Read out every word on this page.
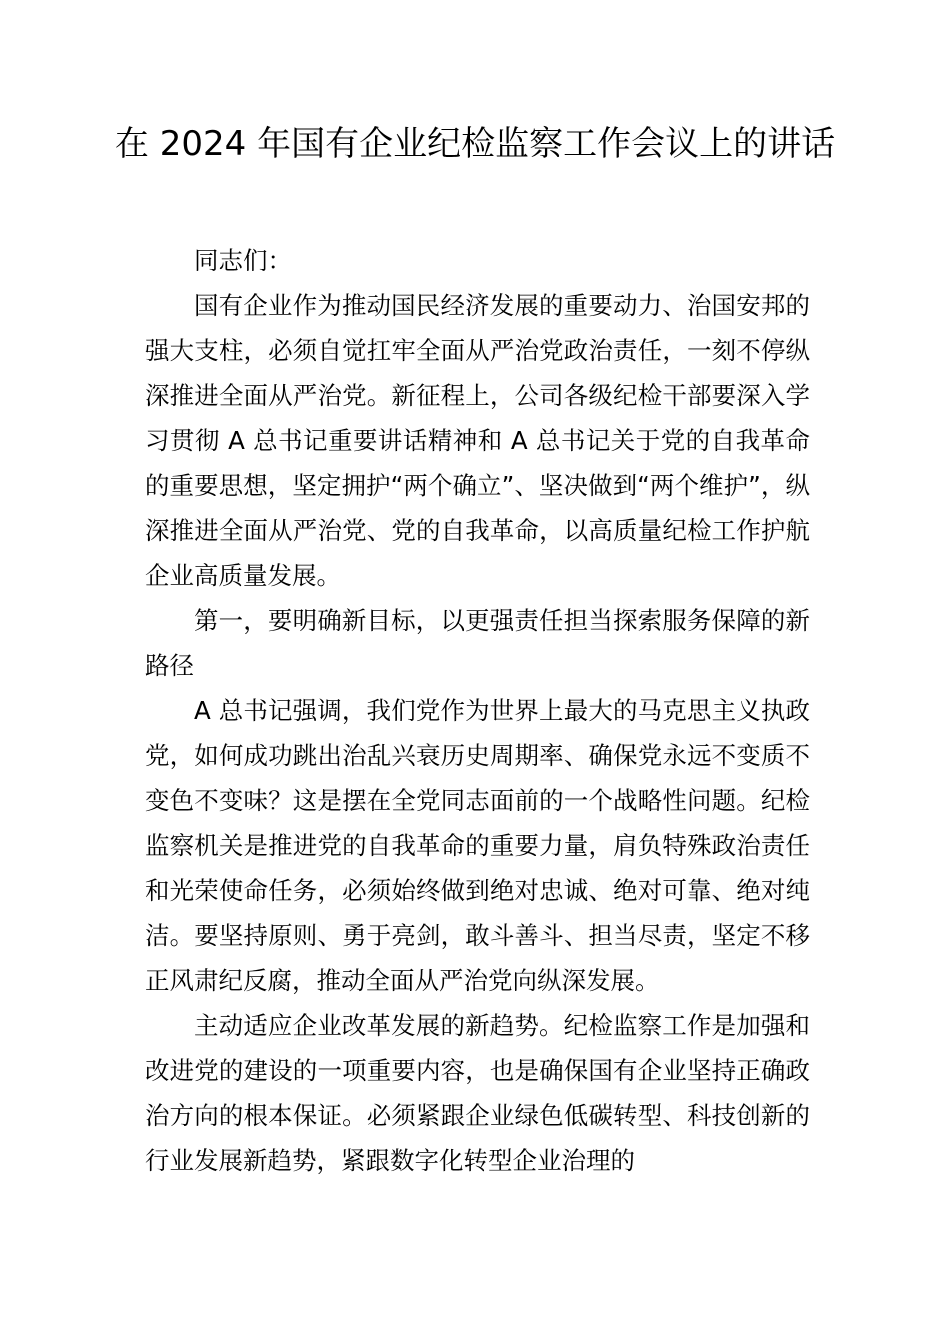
在 2024 年国有企业纪检监察工作会议上的讲话

同志们：

国有企业作为推动国民经济发展的重要动力、治国安邦的强大支柱，必须自觉扛牢全面从严治党政治责任，一刻不停纵深推进全面从严治党。新征程上，公司各级纪检干部要深入学习贯彻 A 总书记重要讲话精神和 A 总书记关于党的自我革命的重要思想，坚定拥护“两个确立”、坚决做到“两个维护”，纵深推进全面从严治党、党的自我革命，以高质量纪检工作护航企业高质量发展。

第一，要明确新目标，以更强责任担当探索服务保障的新路径

A 总书记强调，我们党作为世界上最大的马克思主义执政党，如何成功跳出治乱兴衰历史周期率、确保党永远不变质不变色不变味？这是摆在全党同志面前的一个战略性问题。纪检监察机关是推进党的自我革命的重要力量，肩负特殊政治责任和光荣使命任务，必须始终做到绝对忠诚、绝对可靠、绝对纯洁。要坚持原则、勇于亮剑，敢斗善斗、担当尽责，坚定不移正风肃纪反腐，推动全面从严治党向纵深发展。

主动适应企业改革发展的新趋势。纪检监察工作是加强和改进党的建设的一项重要内容，也是确保国有企业坚持正确政治方向的根本保证。必须紧跟企业绿色低碳转型、科技创新的行业发展新趋势，紧跟数字化转型企业治理的
